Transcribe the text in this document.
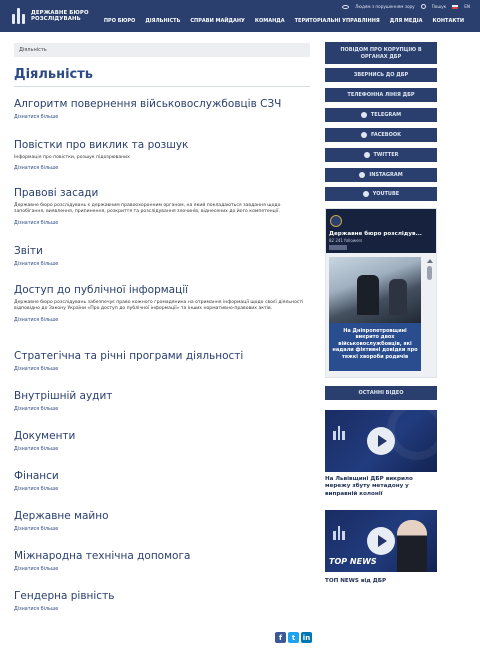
ДЕРЖАВНЕ БЮРО
РОЗСЛІДУВАНЬ
Людям з порушенням зору	Пошук	EN
ПРО БЮРО ДІЯЛЬНІСТЬ СПРАВИ МАЙДАНУ КОМАНДА ТЕРИТОРІАЛЬНІ УПРАВЛІННЯ ДЛЯ МЕДІА КОНТАКТИ
Діяльність
Діяльність
Алгоритм повернення військовослужбовців СЗЧ
Дізнатися більше
Повістки про виклик та розшук

Інформація про повістки, розшук підозрюваних

Дізнатися більше
Правові засади

Державне бюро розслідувань є державним правоохоронним органом, на який покладаються завдання щодо запобігання, виявлення, припинення, розкриття та розслідування злочинів, віднесених до його компетенції.

Дізнатися більше
Звіти
Дізнатися більше
Доступ до публічної інформації

Державне бюро розслідувань забезпечує право кожного громадянина на отримання інформації щодо своєї діяльності відповідно до Закону України «Про доступ до публічної інформації» та інших нормативно-правових актів.

Дізнатися більше
Стратегічна та річні програми діяльності
Дізнатися більше
Внутрішній аудит
Дізнатися більше
Документи
Дізнатися більше
Фінанси
Дізнатися більше
Державне майно
Дізнатися більше
Міжнародна технічна допомога
Дізнатися більше
Гендерна рівність
Дізнатися більше
ПОВІДОМ ПРО КОРУПЦІЮ В
ОРГАНАХ ДБР
ЗВЕРНИСЬ ДО ДБР
ТЕЛЕФОННА ЛІНІЯ ДБР
TELEGRAM
FACEBOOK
TWITTER
INSTAGRAM
YOUTUBE
Державне бюро розслідув...
82 241 followers
На Дніпропетровщині викрито двох військовослужбовців, які надали фіктивні довідки про тяжкі хвороби родичів
ОСТАННІ ВІДЕО
На Львівщині ДБР викрило мережу збуту метадону у виправній колонії
TOP NEWS
ТОП NEWS від ДБР
f	t	in
